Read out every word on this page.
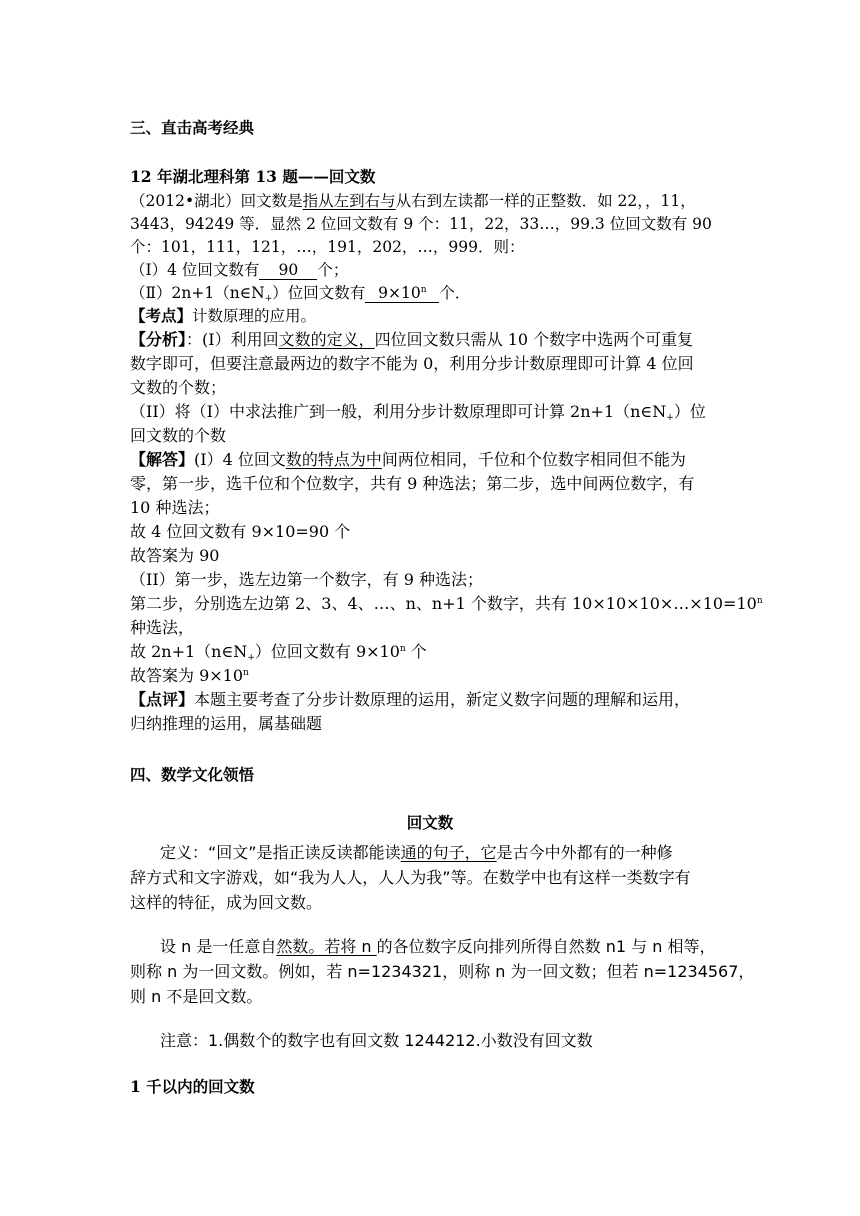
三、直击高考经典
12 年湖北理科第 13 题——回文数
（2012•湖北）回文数是指从左到右与从右到左读都一样的正整数．如 22，，11，
3443，94249 等．显然 2 位回文数有 9 个：11，22，33…，99.3 位回文数有 90
个：101，111，121，…，191，202，…，999．则：
（Ⅰ）4 位回文数有 90 个；
$(Ⅱ)2n+1(n\in N_+)$位回文数有 $9\times 10^n$ 个．
【考点】计数原理的应用。
【分析】：(I）利用回文数的定义，四位回文数只需从 10 个数字中选两个可重复
数字即可，但要注意最两边的数字不能为 0，利用分步计数原理即可计算 4 位回
文数的个数；
（II）将（I）中求法推广到一般，利用分步计数原理即可计算 $2n+1(n\in N_+)$位
回文数的个数
【解答】(I）4 位回文数的特点为中间两位相同，千位和个位数字相同但不能为
零，第一步，选千位和个位数字，共有 9 种选法；第二步，选中间两位数字，有
10 种选法；
故 4 位回文数有 9×10=90 个
故答案为 90
（II）第一步，选左边第一个数字，有 9 种选法；
第二步，分别选左边第 2、3、4、…、n、n+1 个数字，共有 $10\times 10\times 10\times\dots\times 10=10^n$
种选法，
故 $2n+1(n\in N_+)$位回文数有 $9\times 10^n$ 个
故答案为 $9\times 10^n$
【点评】本题主要考查了分步计数原理的运用，新定义数字问题的理解和运用，
归纳推理的运用，属基础题
四、数学文化领悟
回文数
定义：“回文”是指正读反读都能读通的句子，它是古今中外都有的一种修
辞方式和文字游戏，如“我为人人，人人为我”等。在数学中也有这样一类数字有
这样的特征，成为回文数。
设 n 是一任意自然数。若将 n 的各位数字反向排列所得自然数 n1 与 n 相等，
则称 n 为一回文数。例如，若 n=1234321，则称 n 为一回文数；但若 n=1234567，
则 n 不是回文数。
注意：1.偶数个的数字也有回文数 1244212.小数没有回文数
1 千以内的回文数
